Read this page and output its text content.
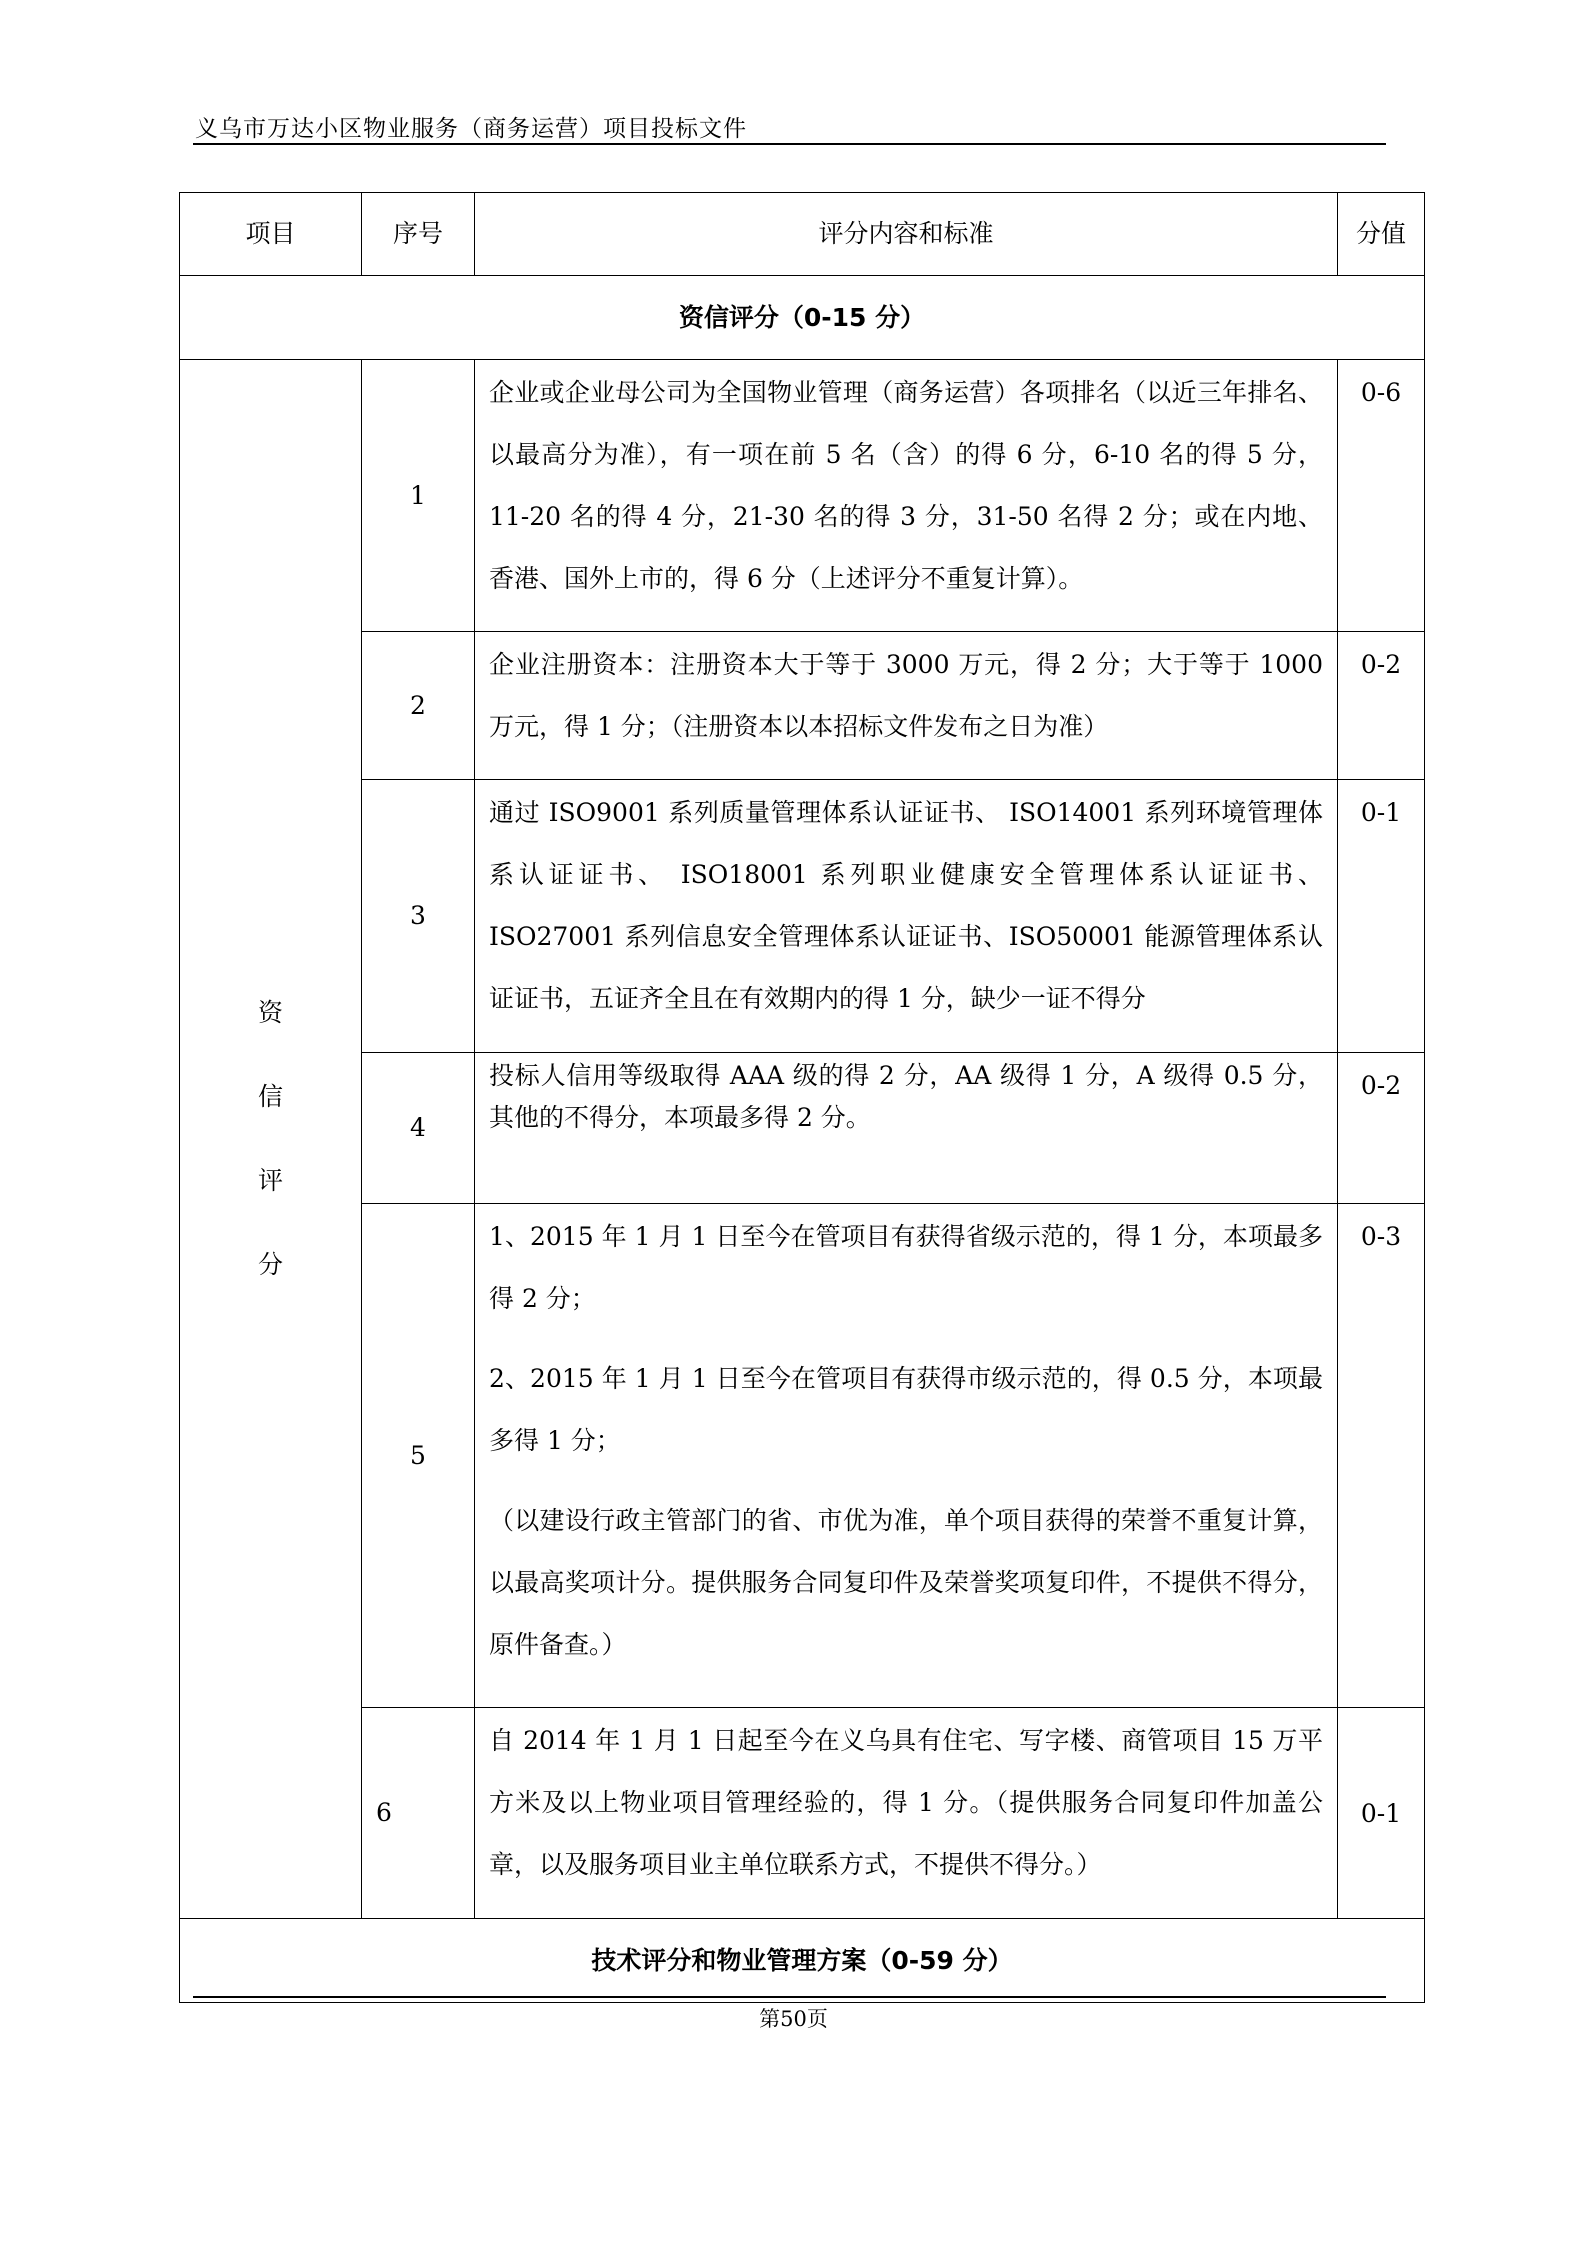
义乌市万达小区物业服务（商务运营）项目投标文件
项目	序号	评分内容和标准	分值
资信评分（0-15 分）			

资
信
评
分	1	企业或企业母公司为全国物业管理（商务运营）各项排名（以近三年排名、以最高分为准），有一项在前 5 名（含）的得 6 分，6-10 名的得 5 分，11-20 名的得 4 分，21-30 名的得 3 分，31-50 名得 2 分；或在内地、香港、国外上市的，得 6 分（上述评分不重复计算）。	0-6
	2	企业注册资本：注册资本大于等于 3000 万元，得 2 分；大于等于 1000 万元，得 1 分；（注册资本以本招标文件发布之日为准）	0-2
	3	通过 ISO9001 系列质量管理体系认证证书、 ISO14001 系列环境管理体系认证证书、 ISO18001 系列职业健康安全管理体系认证证书、ISO27001 系列信息安全管理体系认证证书、ISO50001 能源管理体系认证证书，五证齐全且在有效期内的得 1 分，缺少一证不得分	0-1
	4	投标人信用等级取得 AAA 级的得 2 分，AA 级得 1 分，A 级得 0.5 分，其他的不得分，本项最多得 2 分。	0-2
	5	1、2015 年 1 月 1 日至今在管项目有获得省级示范的，得 1 分，本项最多得 2 分；

2、2015 年 1 月 1 日至今在管项目有获得市级示范的，得 0.5 分，本项最多得 1 分；

（以建设行政主管部门的省、市优为准，单个项目获得的荣誉不重复计算，以最高奖项计分。提供服务合同复印件及荣誉奖项复印件，不提供不得分，原件备查。）	0-3
	6	自 2014 年 1 月 1 日起至今在义乌具有住宅、写字楼、商管项目 15 万平方米及以上物业项目管理经验的，得 1 分。（提供服务合同复印件加盖公章，以及服务项目业主单位联系方式，不提供不得分。）	0-1
技术评分和物业管理方案（0-59 分）			
第50页
